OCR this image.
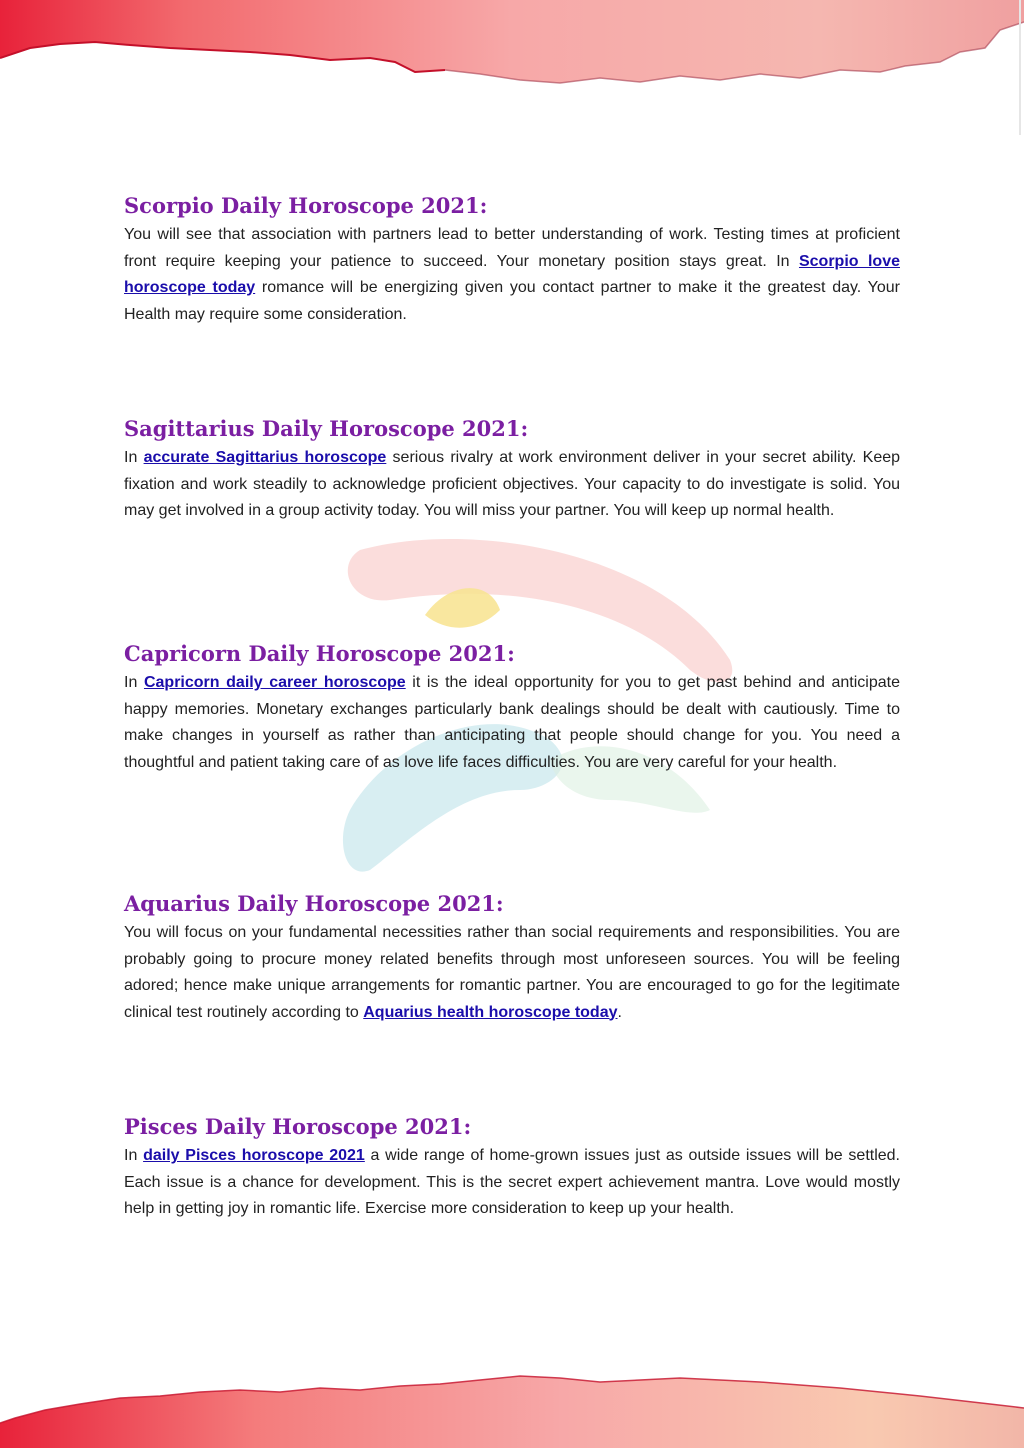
Scorpio Daily Horoscope 2021:

You will see that association with partners lead to better understanding of work. Testing times at proficient front require keeping your patience to succeed. Your monetary position stays great. In Scorpio love horoscope today romance will be energizing given you contact partner to make it the greatest day. Your Health may require some consideration.

Sagittarius Daily Horoscope 2021:

In accurate Sagittarius horoscope serious rivalry at work environment deliver in your secret ability. Keep fixation and work steadily to acknowledge proficient objectives. Your capacity to do investigate is solid. You may get involved in a group activity today. You will miss your partner. You will keep up normal health.

Capricorn Daily Horoscope 2021:

In Capricorn daily career horoscope it is the ideal opportunity for you to get past behind and anticipate happy memories. Monetary exchanges particularly bank dealings should be dealt with cautiously. Time to make changes in yourself as rather than anticipating that people should change for you. You need a thoughtful and patient taking care of as love life faces difficulties. You are very careful for your health.

Aquarius Daily Horoscope 2021:

You will focus on your fundamental necessities rather than social requirements and responsibilities. You are probably going to procure money related benefits through most unforeseen sources. You will be feeling adored; hence make unique arrangements for romantic partner. You are encouraged to go for the legitimate clinical test routinely according to Aquarius health horoscope today.

Pisces Daily Horoscope 2021:

In daily Pisces horoscope 2021 a wide range of home-grown issues just as outside issues will be settled. Each issue is a chance for development. This is the secret expert achievement mantra. Love would mostly help in getting joy in romantic life. Exercise more consideration to keep up your health.
